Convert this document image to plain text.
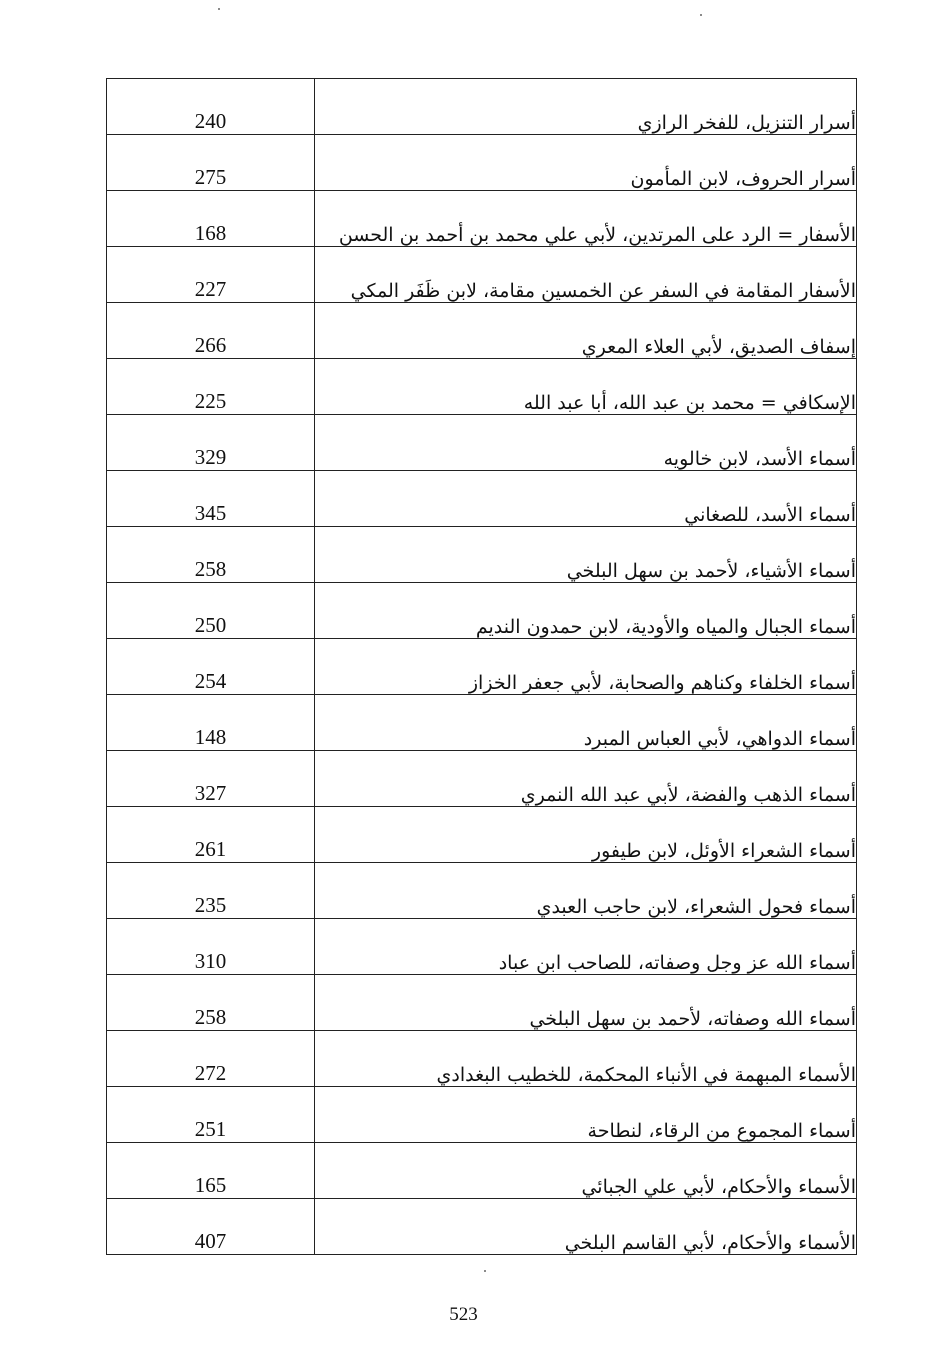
240	أسرار التنزيل، للفخر الرازي
275	أسرار الحروف، لابن المأمون
168	الأسفار = الرد على المرتدين، لأبي علي محمد بن أحمد بن الحسن
227	الأسفار المقامة في السفر عن الخمسين مقامة، لابن ظَفَر المكي
266	إسفاف الصديق، لأبي العلاء المعري
225	الإسكافي = محمد بن عبد الله، أبا عبد الله
329	أسماء الأسد، لابن خالويه
345	أسماء الأسد، للصغاني
258	أسماء الأشياء، لأحمد بن سهل البلخي
250	أسماء الجبال والمياه والأودية، لابن حمدون النديم
254	أسماء الخلفاء وكناهم والصحابة، لأبي جعفر الخزاز
148	أسماء الدواهي، لأبي العباس المبرد
327	أسماء الذهب والفضة، لأبي عبد الله النمري
261	أسماء الشعراء الأوئل، لابن طيفور
235	أسماء فحول الشعراء، لابن حاجب العبدي
310	أسماء الله عز وجل وصفاته، للصاحب ابن عباد
258	أسماء الله وصفاته، لأحمد بن سهل البلخي
272	الأسماء المبهمة في الأنباء المحكمة، للخطيب البغدادي
251	أسماء المجموع من الرقاء، لنطاحة
165	الأسماء والأحكام، لأبي علي الجبائي
407	الأسماء والأحكام، لأبي القاسم البلخي
523
